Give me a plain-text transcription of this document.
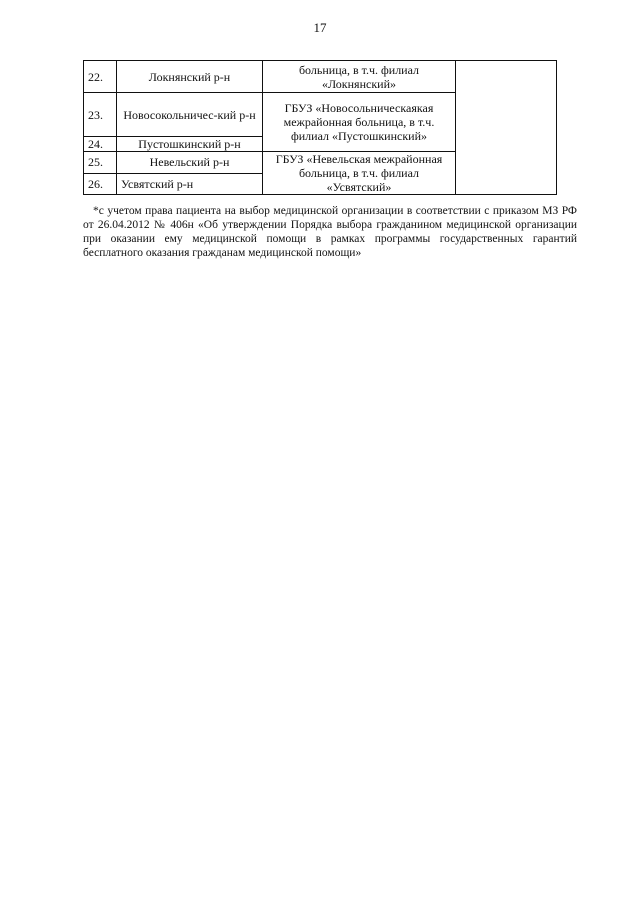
17
22.	Локнянский р-н	больница, в т.ч. филиал «Локнянский»	
23.	Новосокольничес-кий р-н	ГБУЗ «Новосольническаякая межрайонная больница, в т.ч. филиал «Пустошкинский»	
24.	Пустошкинский р-н		
25.	Невельский р-н	ГБУЗ «Невельская межрайонная больница, в т.ч. филиал «Усвятский»	
26.	Усвятский р-н		
*с учетом права пациента на выбор медицинской организации в соответствии с приказом МЗ РФ от 26.04.2012 № 406н «Об утверждении Порядка выбора гражданином медицинской организации при оказании ему медицинской помощи в рамках программы государственных гарантий бесплатного оказания гражданам медицинской помощи»
